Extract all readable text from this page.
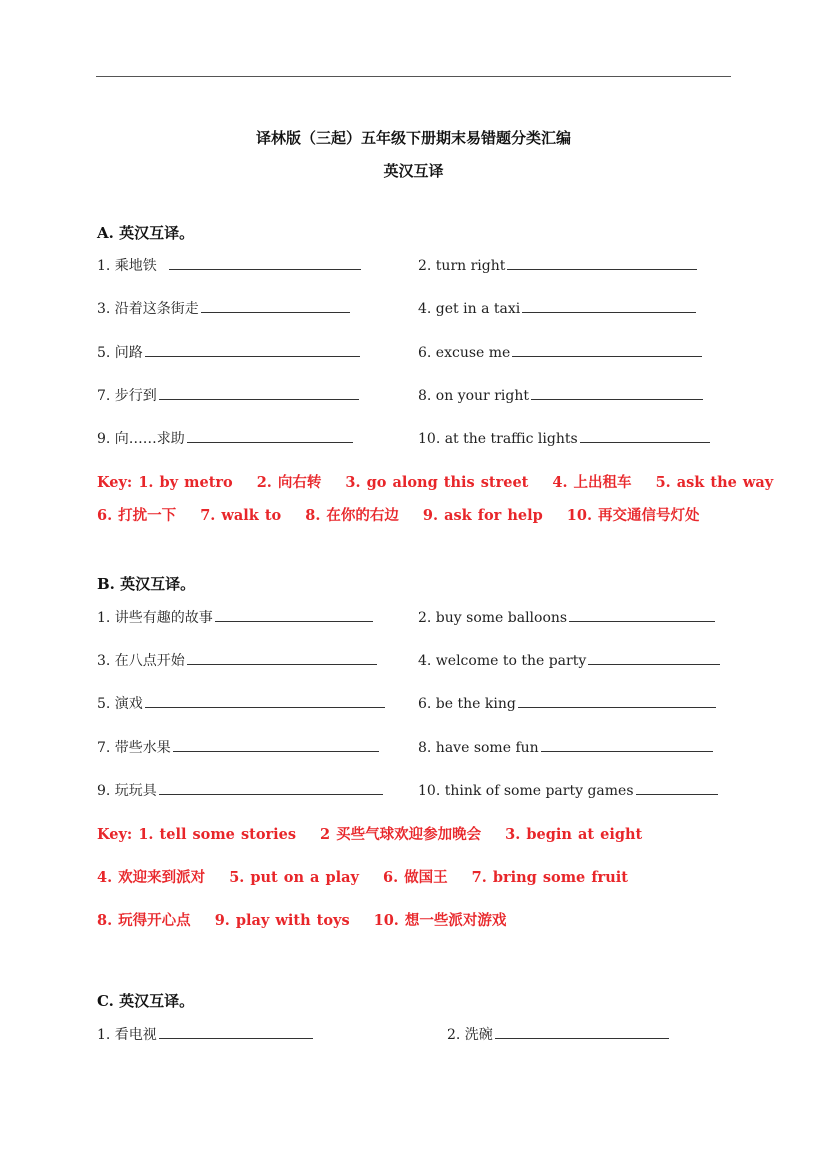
译林版（三起）五年级下册期末易错题分类汇编
英汉互译
A. 英汉互译。
1. 乘地铁	2. turn right
3. 沿着这条街走	4. get in a taxi
5. 问路	6. excuse me
7. 步行到	8. on your right
9. 向……求助	10. at the traffic lights
Key: 1. by metro 2. 向右转 3. go along this street 4. 上出租车 5. ask the way
6. 打扰一下 7. walk to 8. 在你的右边 9. ask for help 10. 再交通信号灯处
B. 英汉互译。
1. 讲些有趣的故事	2. buy some balloons
3. 在八点开始	4. welcome to the party
5. 演戏	6. be the king
7. 带些水果	8. have some fun
9. 玩玩具	10. think of some party games
Key: 1. tell some stories 2 买些气球欢迎参加晚会 3. begin at eight
4. 欢迎来到派对 5. put on a play 6. 做国王 7. bring some fruit
8. 玩得开心点 9. play with toys 10. 想一些派对游戏
C. 英汉互译。
1. 看电视	2. 洗碗
